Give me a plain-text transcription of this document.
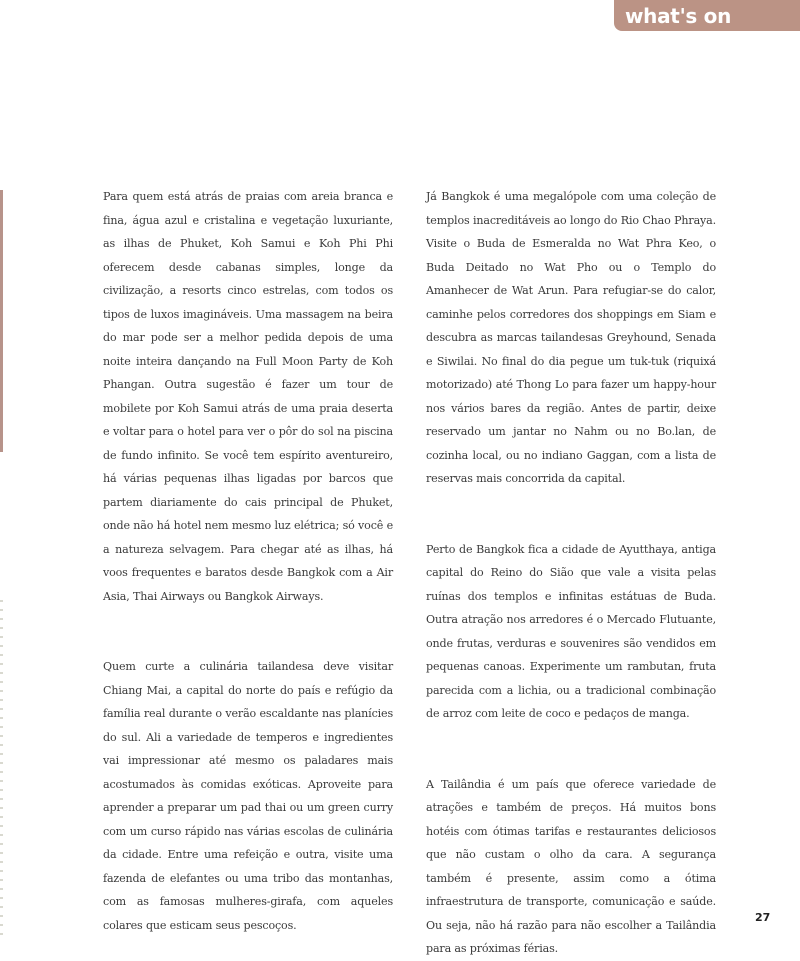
what's on

Para quem está atrás de praias com areia branca e fina, água azul e cristalina e vegetação luxuriante, as ilhas de Phuket, Koh Samui e Koh Phi Phi oferecem desde cabanas simples, longe da civilização, a resorts cinco estrelas, com todos os tipos de luxos imagináveis. Uma massagem na beira do mar pode ser a melhor pedida depois de uma noite inteira dançando na Full Moon Party de Koh Phangan. Outra sugestão é fazer um tour de mobilete por Koh Samui atrás de uma praia deserta e voltar para o hotel para ver o pôr do sol na piscina de fundo infinito. Se você tem espírito aventureiro, há várias pequenas ilhas ligadas por barcos que partem diariamente do cais principal de Phuket, onde não há hotel nem mesmo luz elétrica; só você e a natureza selvagem. Para chegar até as ilhas, há voos frequentes e baratos desde Bangkok com a Air Asia, Thai Airways ou Bangkok Airways.

Quem curte a culinária tailandesa deve visitar Chiang Mai, a capital do norte do país e refúgio da família real durante o verão escaldante nas planícies do sul. Ali a variedade de temperos e ingredientes vai impressionar até mesmo os paladares mais acostumados às comidas exóticas. Aproveite para aprender a preparar um pad thai ou um green curry com um curso rápido nas várias escolas de culinária da cidade. Entre uma refeição e outra, visite uma fazenda de elefantes ou uma tribo das montanhas, com as famosas mulheres-girafa, com aqueles colares que esticam seus pescoços.

Já Bangkok é uma megalópole com uma coleção de templos inacreditáveis ao longo do Rio Chao Phraya. Visite o Buda de Esmeralda no Wat Phra Keo, o Buda Deitado no Wat Pho ou o Templo do Amanhecer de Wat Arun. Para refugiar-se do calor, caminhe pelos corredores dos shoppings em Siam e descubra as marcas tailandesas Greyhound, Senada e Siwilai. No final do dia pegue um tuk-tuk (riquixá motorizado) até Thong Lo para fazer um happy-hour nos vários bares da região. Antes de partir, deixe reservado um jantar no Nahm ou no Bo.lan, de cozinha local, ou no indiano Gaggan, com a lista de reservas mais concorrida da capital.

Perto de Bangkok fica a cidade de Ayutthaya, antiga capital do Reino do Sião que vale a visita pelas ruínas dos templos e infinitas estátuas de Buda. Outra atração nos arredores é o Mercado Flutuante, onde frutas, verduras e souvenires são vendidos em pequenas canoas. Experimente um rambutan, fruta parecida com a lichia, ou a tradicional combinação de arroz com leite de coco e pedaços de manga.

A Tailândia é um país que oferece variedade de atrações e também de preços. Há muitos bons hotéis com ótimas tarifas e restaurantes deliciosos que não custam o olho da cara. A segurança também é presente, assim como a ótima infraestrutura de transporte, comunicação e saúde. Ou seja, não há razão para não escolher a Tailândia para as próximas férias.

27
